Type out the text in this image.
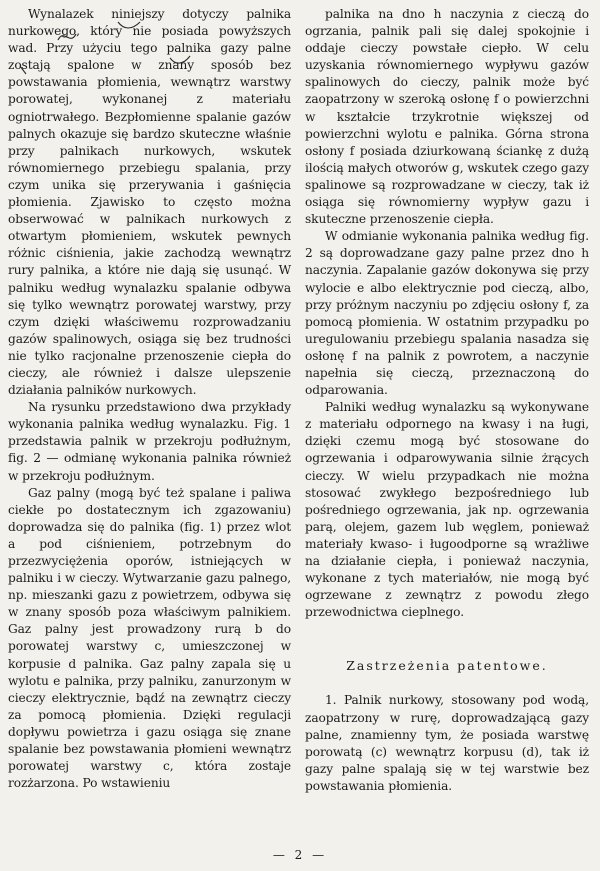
Wynalazek niniejszy dotyczy palnika nurkowego, który nie posiada powyższych wad. Przy użyciu tego palnika gazy palne zostają spalone w znany sposób bez powstawania płomienia, wewnątrz warstwy porowatej, wykonanej z materiału ogniotrwałego. Bezpłomienne spalanie gazów palnych okazuje się bardzo skuteczne właśnie przy palnikach nurkowych, wskutek równomiernego przebiegu spalania, przy czym unika się przerywania i gaśnięcia płomienia. Zjawisko to często można obserwować w palnikach nurkowych z otwartym płomieniem, wskutek pewnych różnic ciśnienia, jakie zachodzą wewnątrz rury palnika, a które nie dają się usunąć. W palniku według wynalazku spalanie odbywa się tylko wewnątrz porowatej warstwy, przy czym dzięki właściwemu rozprowadzaniu gazów spalinowych, osiąga się bez trudności nie tylko racjonalne przenoszenie ciepła do cieczy, ale również i dalsze ulepszenie działania palników nurkowych.

Na rysunku przedstawiono dwa przykłady wykonania palnika według wynalazku. Fig. 1 przedstawia palnik w przekroju podłużnym, fig. 2 — odmianę wykonania palnika również w przekroju podłużnym.

Gaz palny (mogą być też spalane i paliwa ciekłe po dostatecznym ich zgazowaniu) doprowadza się do palnika (fig. 1) przez wlot a pod ciśnieniem, potrzebnym do przezwyciężenia oporów, istniejących w palniku i w cieczy. Wytwarzanie gazu palnego, np. mieszanki gazu z powietrzem, odbywa się w znany sposób poza właściwym palnikiem. Gaz palny jest prowadzony rurą b do porowatej warstwy c, umieszczonej w korpusie d palnika. Gaz palny zapala się u wylotu e palnika, przy palniku, zanurzonym w cieczy elektrycznie, bądź na zewnątrz cieczy za pomocą płomienia. Dzięki regulacji dopływu powietrza i gazu osiąga się znane spalanie bez powstawania płomieni wewnątrz porowatej warstwy c, która zostaje rozżarzona. Po wstawieniu

palnika na dno h naczynia z cieczą do ogrzania, palnik pali się dalej spokojnie i oddaje cieczy powstałe ciepło. W celu uzyskania równomiernego wypływu gazów spalinowych do cieczy, palnik może być zaopatrzony w szeroką osłonę f o powierzchni w kształcie trzykrotnie większej od powierzchni wylotu e palnika. Górna strona osłony f posiada dziurkowaną ściankę z dużą ilością małych otworów g, wskutek czego gazy spalinowe są rozprowadzane w cieczy, tak iż osiąga się równomierny wypływ gazu i skuteczne przenoszenie ciepła.

W odmianie wykonania palnika według fig. 2 są doprowadzane gazy palne przez dno h naczynia. Zapalanie gazów dokonywa się przy wylocie e albo elektrycznie pod cieczą, albo, przy próżnym naczyniu po zdjęciu osłony f, za pomocą płomienia. W ostatnim przypadku po uregulowaniu przebiegu spalania nasadza się osłonę f na palnik z powrotem, a naczynie napełnia się cieczą, przeznaczoną do odparowania.

Palniki według wynalazku są wykonywane z materiału odpornego na kwasy i na ługi, dzięki czemu mogą być stosowane do ogrzewania i odparowywania silnie żrących cieczy. W wielu przypadkach nie można stosować zwykłego bezpośredniego lub pośredniego ogrzewania, jak np. ogrzewania parą, olejem, gazem lub węglem, ponieważ materiały kwaso- i ługoodporne są wrażliwe na działanie ciepła, i ponieważ naczynia, wykonane z tych materiałów, nie mogą być ogrzewane z zewnątrz z powodu złego przewodnictwa cieplnego.

Zastrzeżenia patentowe.

1. Palnik nurkowy, stosowany pod wodą, zaopatrzony w rurę, doprowadzającą gazy palne, znamienny tym, że posiada warstwę porowatą (c) wewnątrz korpusu (d), tak iż gazy palne spalają się w tej warstwie bez powstawania płomienia.

— 2 —
